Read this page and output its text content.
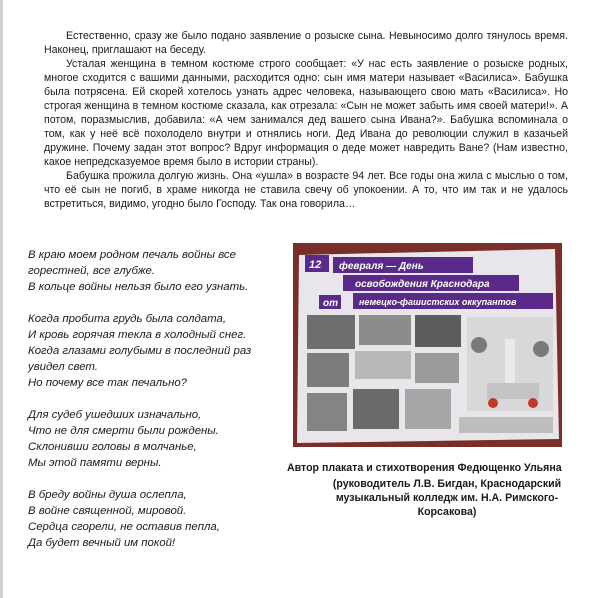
Естественно, сразу же было подано заявление о розыске сына. Невыносимо долго тянулось время. Наконец, приглашают на беседу.

Усталая женщина в темном костюме строго сообщает: «У нас есть заявление о розыске родных, многое сходится с вашими данными, расходится одно: сын имя матери называет «Василиса». Бабушка была потрясена. Ей скорей хотелось узнать адрес человека, называющего свою мать «Василиса». Но строгая женщина в темном костюме сказала, как отрезала: «Сын не может забыть имя своей матери!». А потом, поразмыслив, добавила: «А чем занимался дед вашего сына Ивана?». Бабушка вспоминала о том, как у неё всё похолодело внутри и отнялись ноги. Дед Ивана до революции служил в казачьей дружине. Почему задан этот вопрос? Вдруг информация о деде может навредить Ване? (Нам известно, какое непредсказуемое время было в истории страны).

Бабушка прожила долгую жизнь. Она «ушла» в возрасте 94 лет. Все годы она жила с мыслью о том, что её сын не погиб, в храме никогда не ставила свечу об упокоении. А то, что им так и не удалось встретиться, видимо, угодно было Господу. Так она говорила…

В краю моем родном печаль войны все
горестней, все глубже.
В кольце войны нельзя было его узнать.
Когда пробита грудь была солдата,
И кровь горячая текла в холодный снег.
Когда глазами голубыми в последний раз
увидел свет.
Но почему все так печально?
Для судеб ушедших изначально,
Что не для смерти были рождены.
Склонивши головы в молчанье,
Мы этой памяти верны.
В бреду войны душа ослепла,
В войне священной, мировой.
Сердца сгорели, не оставив пепла,
Да будет вечный им покой!
12 февраля — День
освобождения Краснодара
от немецко-фашистских оккупантов
Автор плаката и стихотворения Федющенко Ульяна
(руководитель Л.В. Бигдан, Краснодарский музыкальный колледж им. Н.А. Римского-Корсакова)
